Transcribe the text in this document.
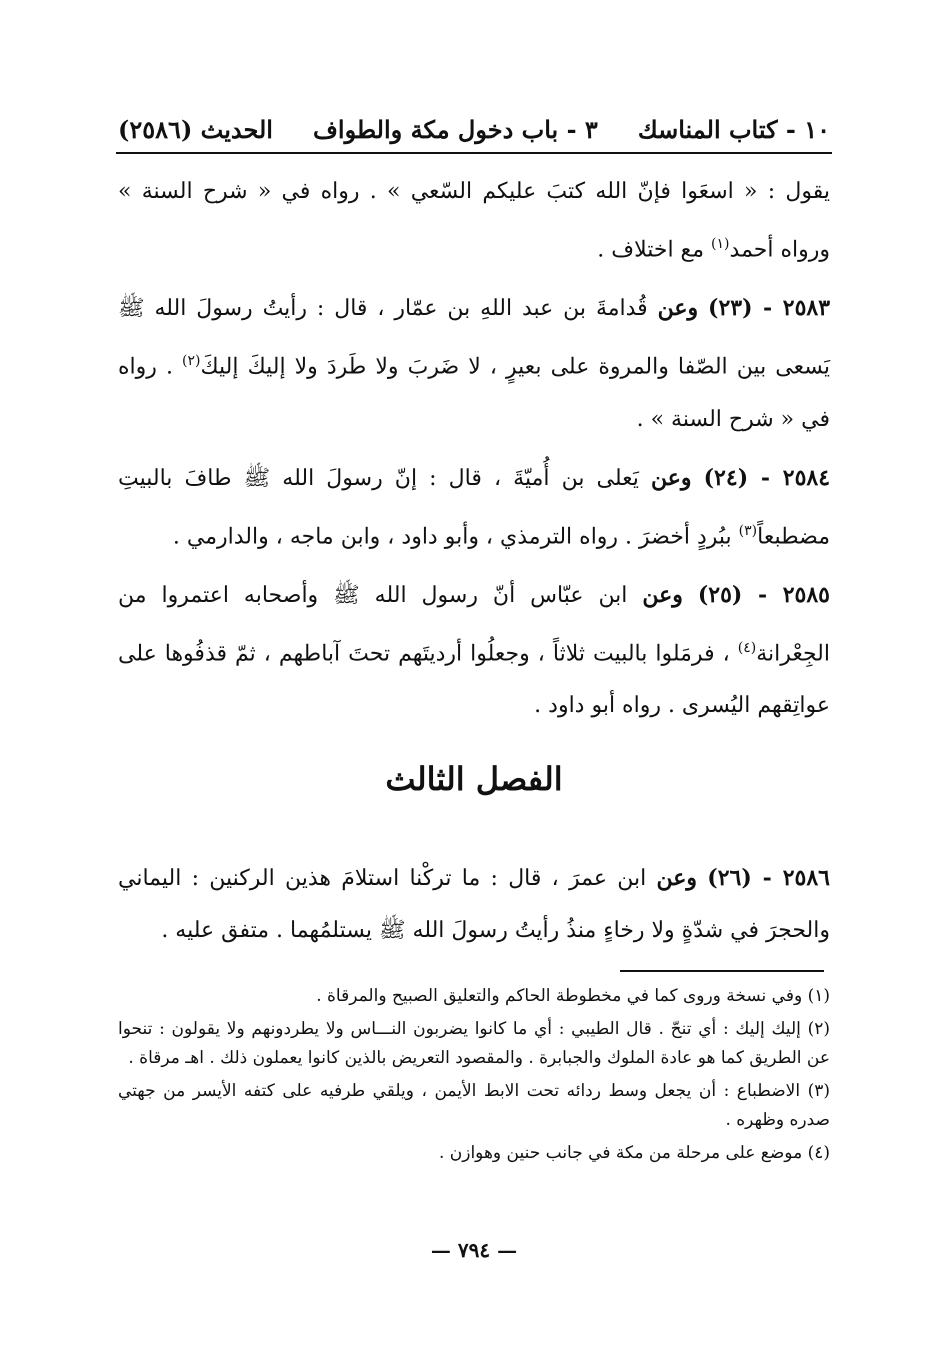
١٠ - كتاب المناسك
٣ - باب دخول مكة والطواف
الحديث (٢٥٨٦)

يقول : « اسعَوا فإنّ الله كتبَ عليكم السّعي » . رواه في « شرح السنة » ورواه أحمد$^{(١)}$ مع اختلاف .

٢٥٨٣ - (٢٣) وعن قُدامةَ بن عبد اللهِ بن عمّار ، قال : رأيتُ رسولَ الله ﷺ يَسعى بين الصّفا والمروة على بعيرٍ ، لا ضَربَ ولا طَردَ ولا إليكَ إليكَ$^{(٢)}$ . رواه في « شرح السنة » .

٢٥٨٤ - (٢٤) وعن يَعلى بن أُميّةَ ، قال : إنّ رسولَ الله ﷺ طافَ بالبيتِ مضطبعاً$^{(٣)}$ ببُردٍ أخضرَ . رواه الترمذي ، وأبو داود ، وابن ماجه ، والدارمي .

٢٥٨٥ - (٢٥) وعن ابن عبّاس أنّ رسول الله ﷺ وأصحابه اعتمروا من الجِعْرانة$^{(٤)}$ ، فرمَلوا بالبيت ثلاثاً ، وجعلُوا أرديتَهم تحتَ آباطهم ، ثمّ قذفُوها على عواتِقهم اليُسرى . رواه أبو داود .

الفصل الثالث

٢٥٨٦ - (٢٦) وعن ابن عمرَ ، قال : ما تركْنا استلامَ هذين الركنين : اليماني والحجرَ في شدّةٍ ولا رخاءٍ منذُ رأيتُ رسولَ الله ﷺ يستلمُهما . متفق عليه .

(١) وفي نسخة وروى كما في مخطوطة الحاكم والتعليق الصبيح والمرقاة .

(٢) إليك إليك : أي تنحّ . قال الطيبي : أي ما كانوا يضربون النـــاس ولا يطردونهم ولا يقولون : تنحوا عن الطريق كما هو عادة الملوك والجبابرة . والمقصود التعريض بالذين كانوا يعملون ذلك . اهـ مرقاة .

(٣) الاضطباع : أن يجعل وسط ردائه تحت الابط الأيمن ، ويلقي طرفيه على كتفه الأيسر من جهتي صدره وظهره .

(٤) موضع على مرحلة من مكة في جانب حنين وهوازن .

— ٧٩٤ —
